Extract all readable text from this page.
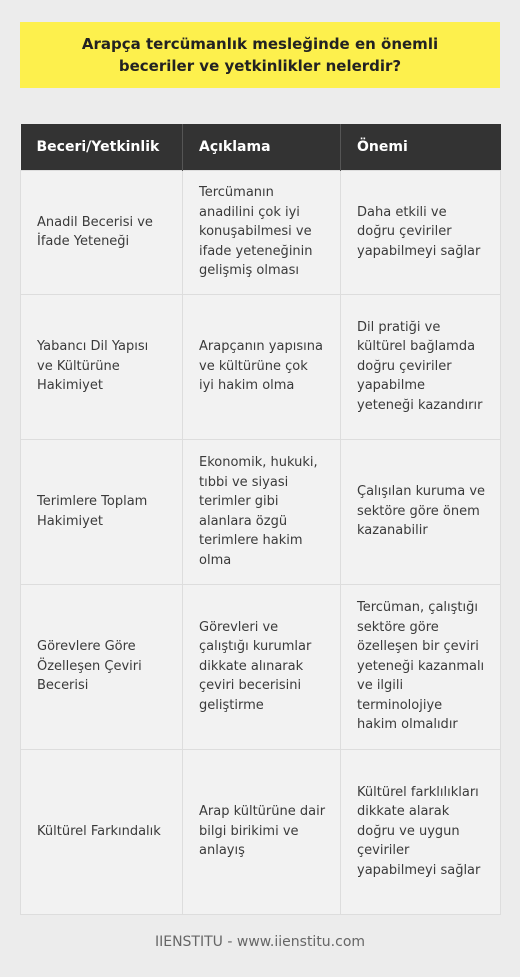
Arapça tercümanlık mesleğinde en önemli beceriler ve yetkinlikler nelerdir?
Beceri/Yetkinlik	Açıklama	Önemi
Anadil Becerisi ve İfade Yeteneği	Tercümanın anadilini çok iyi konuşabilmesi ve ifade yeteneğinin gelişmiş olması	Daha etkili ve doğru çeviriler yapabilmeyi sağlar
Yabancı Dil Yapısı ve Kültürüne Hakimiyet	Arapçanın yapısına ve kültürüne çok iyi hakim olma	Dil pratiği ve kültürel bağlamda doğru çeviriler yapabilme yeteneği kazandırır
Terimlere Toplam Hakimiyet	Ekonomik, hukuki, tıbbi ve siyasi terimler gibi alanlara özgü terimlere hakim olma	Çalışılan kuruma ve sektöre göre önem kazanabilir
Görevlere Göre Özelleşen Çeviri Becerisi	Görevleri ve çalıştığı kurumlar dikkate alınarak çeviri becerisini geliştirme	Tercüman, çalıştığı sektöre göre özelleşen bir çeviri yeteneği kazanmalı ve ilgili terminolojiye hakim olmalıdır
Kültürel Farkındalık	Arap kültürüne dair bilgi birikimi ve anlayış	Kültürel farklılıkları dikkate alarak doğru ve uygun çeviriler yapabilmeyi sağlar
IIENSTITU - www.iienstitu.com
